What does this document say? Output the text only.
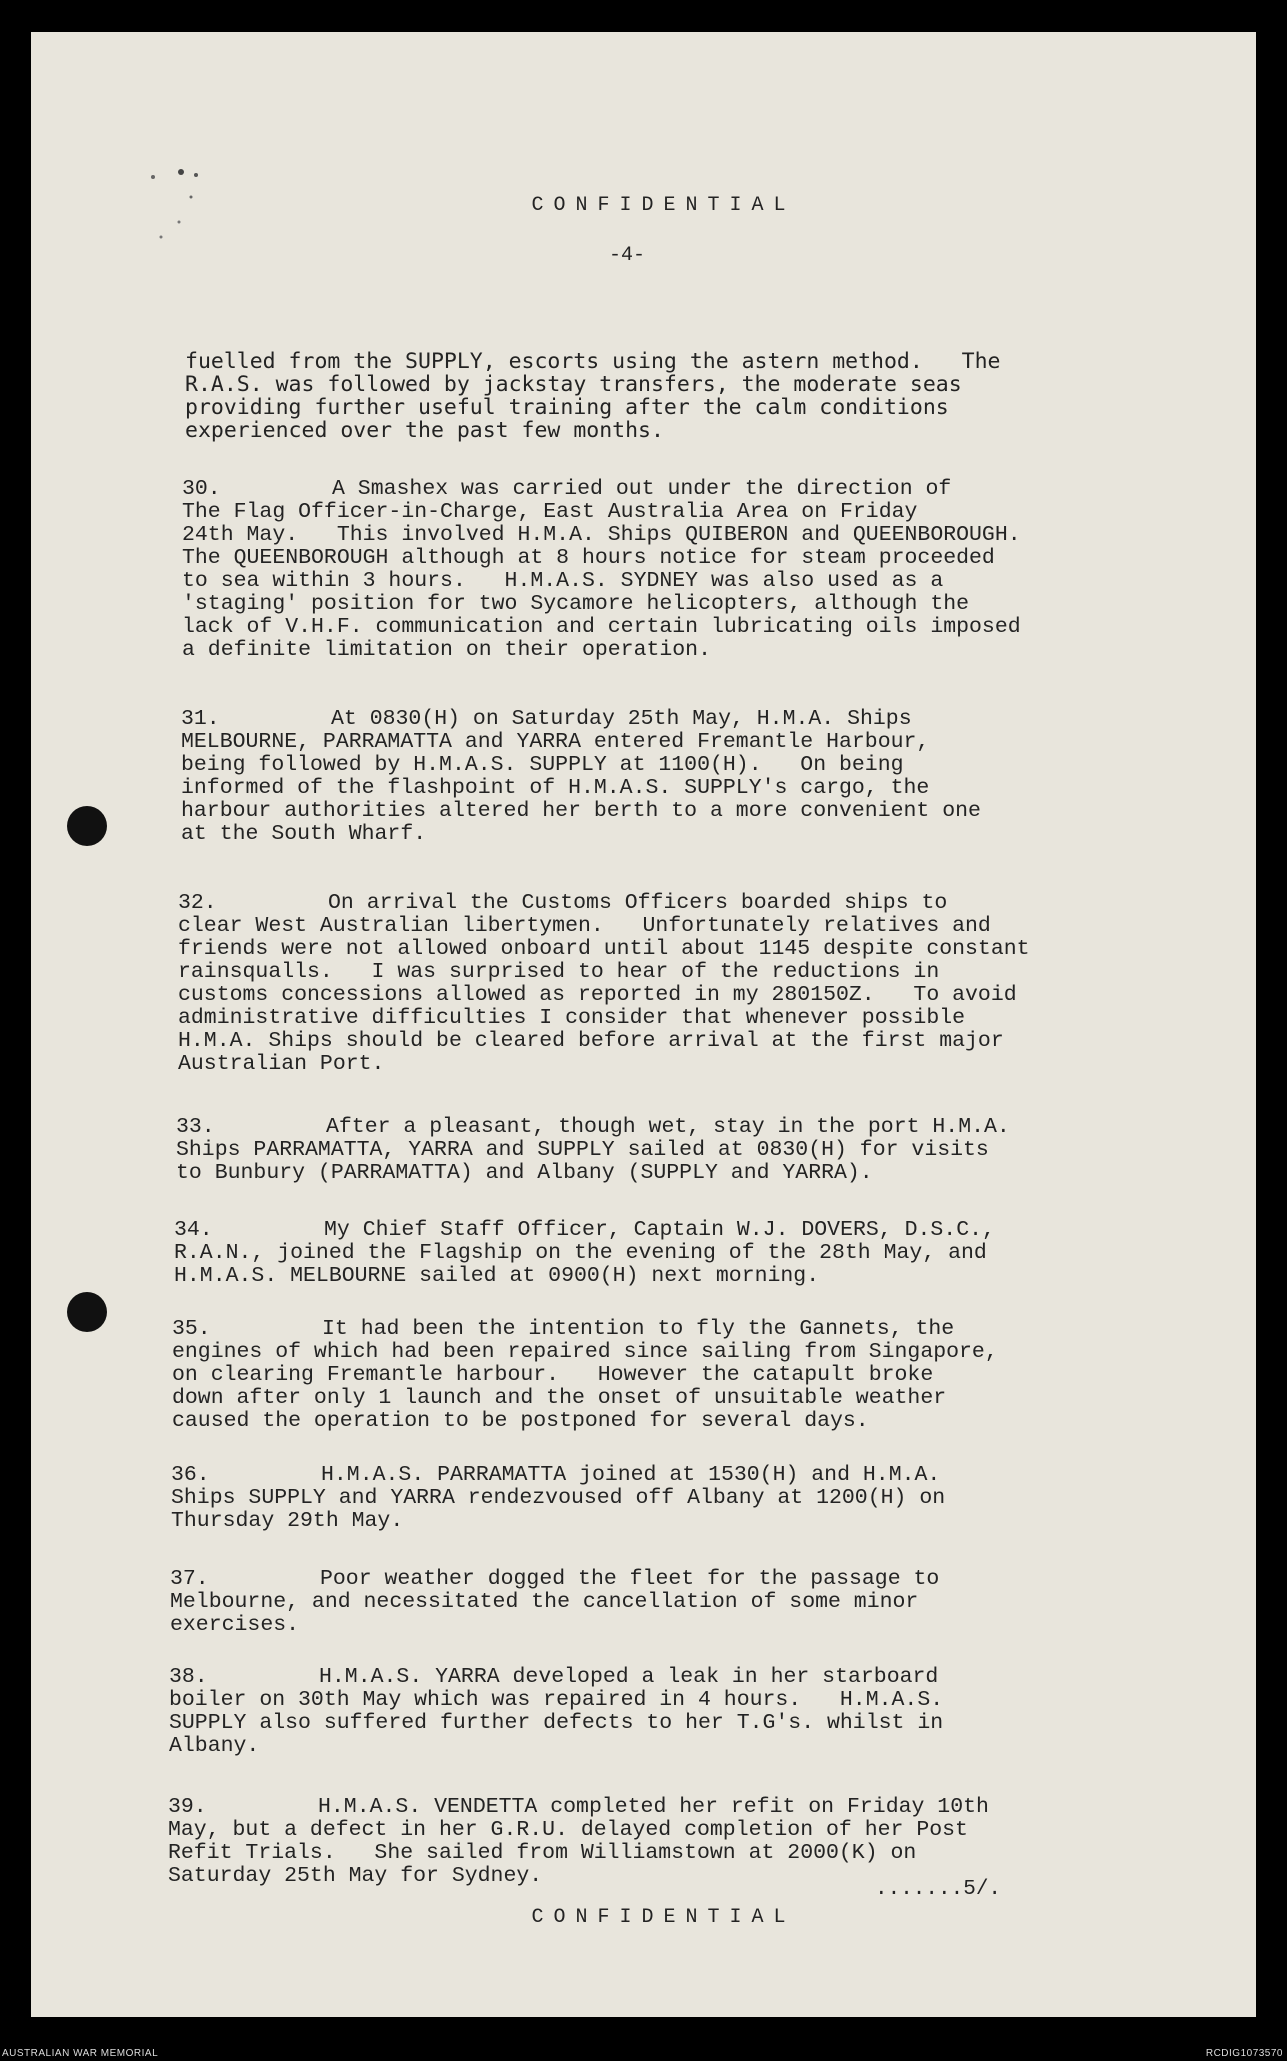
CONFIDENTIAL
-4-
fuelled from the SUPPLY, escorts using the astern method.   The
R.A.S. was followed by jackstay transfers, the moderate seas
providing further useful training after the calm conditions
experienced over the past few months.
.......5/.
CONFIDENTIAL
30.	A Smashex was carried out under the direction of
The Flag Officer-in-Charge, East Australia Area on Friday
24th May.   This involved H.M.A. Ships QUIBERON and QUEENBOROUGH.
The QUEENBOROUGH although at 8 hours notice for steam proceeded
to sea within 3 hours.   H.M.A.S. SYDNEY was also used as a
'staging' position for two Sycamore helicopters, although the
lack of V.H.F. communication and certain lubricating oils imposed
a definite limitation on their operation.
31.	At 0830(H) on Saturday 25th May, H.M.A. Ships
MELBOURNE, PARRAMATTA and YARRA entered Fremantle Harbour,
being followed by H.M.A.S. SUPPLY at 1100(H).   On being
informed of the flashpoint of H.M.A.S. SUPPLY's cargo, the
harbour authorities altered her berth to a more convenient one
at the South Wharf.
32.	On arrival the Customs Officers boarded ships to
clear West Australian libertymen.   Unfortunately relatives and
friends were not allowed onboard until about 1145 despite constant
rainsqualls.   I was surprised to hear of the reductions in
customs concessions allowed as reported in my 280150Z.   To avoid
administrative difficulties I consider that whenever possible
H.M.A. Ships should be cleared before arrival at the first major
Australian Port.
33.	After a pleasant, though wet, stay in the port H.M.A.
Ships PARRAMATTA, YARRA and SUPPLY sailed at 0830(H) for visits
to Bunbury (PARRAMATTA) and Albany (SUPPLY and YARRA).
34.	My Chief Staff Officer, Captain W.J. DOVERS, D.S.C.,
R.A.N., joined the Flagship on the evening of the 28th May, and
H.M.A.S. MELBOURNE sailed at 0900(H) next morning.
35.	It had been the intention to fly the Gannets, the
engines of which had been repaired since sailing from Singapore,
on clearing Fremantle harbour.   However the catapult broke
down after only 1 launch and the onset of unsuitable weather
caused the operation to be postponed for several days.
36.	H.M.A.S. PARRAMATTA joined at 1530(H) and H.M.A.
Ships SUPPLY and YARRA rendezvoused off Albany at 1200(H) on
Thursday 29th May.
37.	Poor weather dogged the fleet for the passage to
Melbourne, and necessitated the cancellation of some minor
exercises.
38.	H.M.A.S. YARRA developed a leak in her starboard
boiler on 30th May which was repaired in 4 hours.   H.M.A.S.
SUPPLY also suffered further defects to her T.G's. whilst in
Albany.
39.	H.M.A.S. VENDETTA completed her refit on Friday 10th
May, but a defect in her G.R.U. delayed completion of her Post
Refit Trials.   She sailed from Williamstown at 2000(K) on
Saturday 25th May for Sydney.
AUSTRALIAN WAR MEMORIAL	RCDIG1073570
